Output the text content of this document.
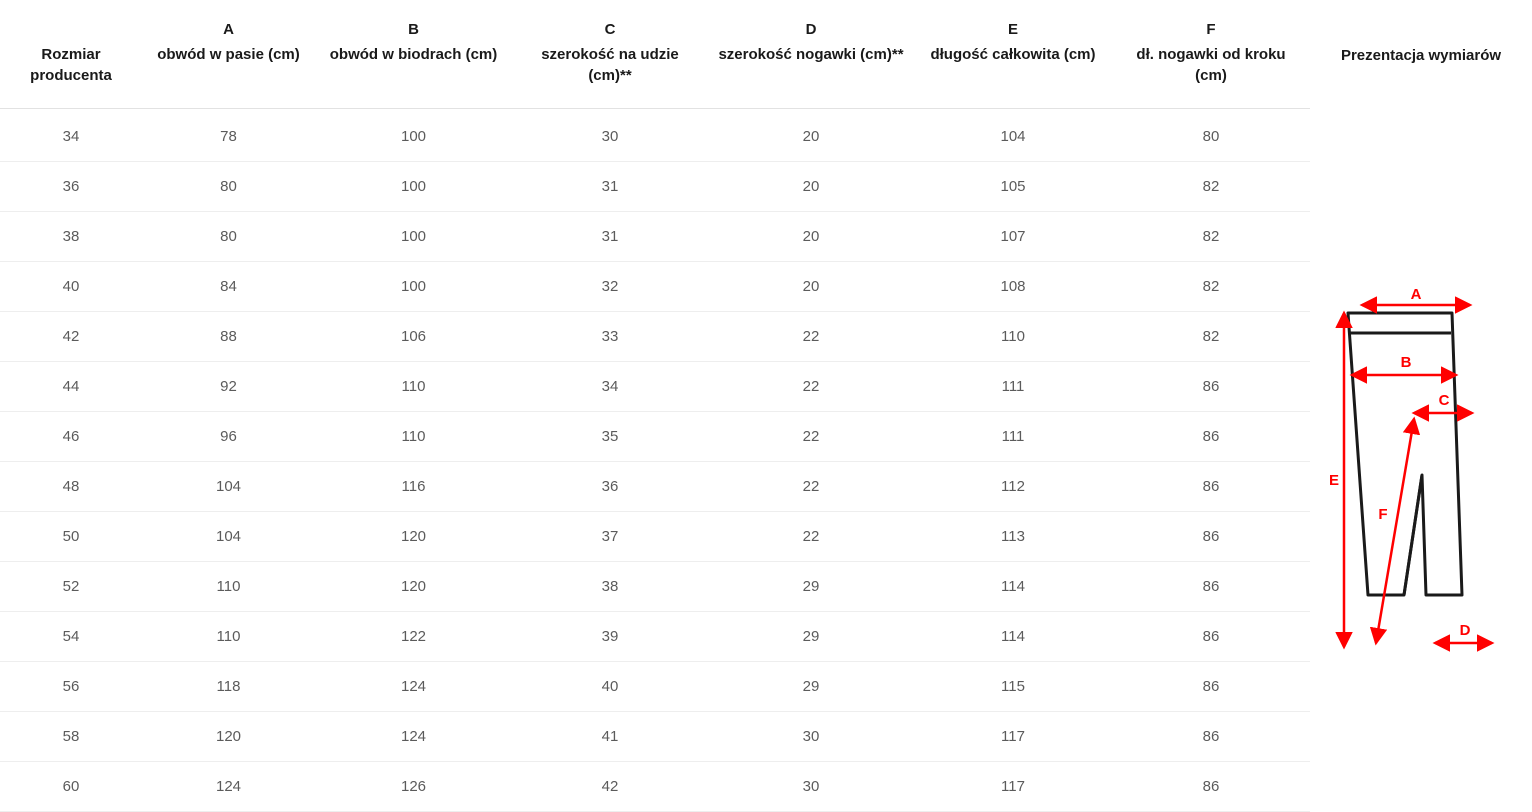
	A	B	C	D	E	F
Rozmiar producenta	obwód w pasie (cm)	obwód w biodrach (cm)	szerokość na udzie (cm)**	szerokość nogawki (cm)**	długość całkowita (cm)	dł. nogawki od kroku (cm)
34	78	100	30	20	104	80
36	80	100	31	20	105	82
38	80	100	31	20	107	82
40	84	100	32	20	108	82
42	88	106	33	22	110	82
44	92	110	34	22	111	86
46	96	110	35	22	111	86
48	104	116	36	22	112	86
50	104	120	37	22	113	86
52	110	120	38	29	114	86
54	110	122	39	29	114	86
56	118	124	40	29	115	86
58	120	124	41	30	117	86
60	124	126	42	30	117	86
Prezentacja wymiarów
A
B
C
D
E
F
